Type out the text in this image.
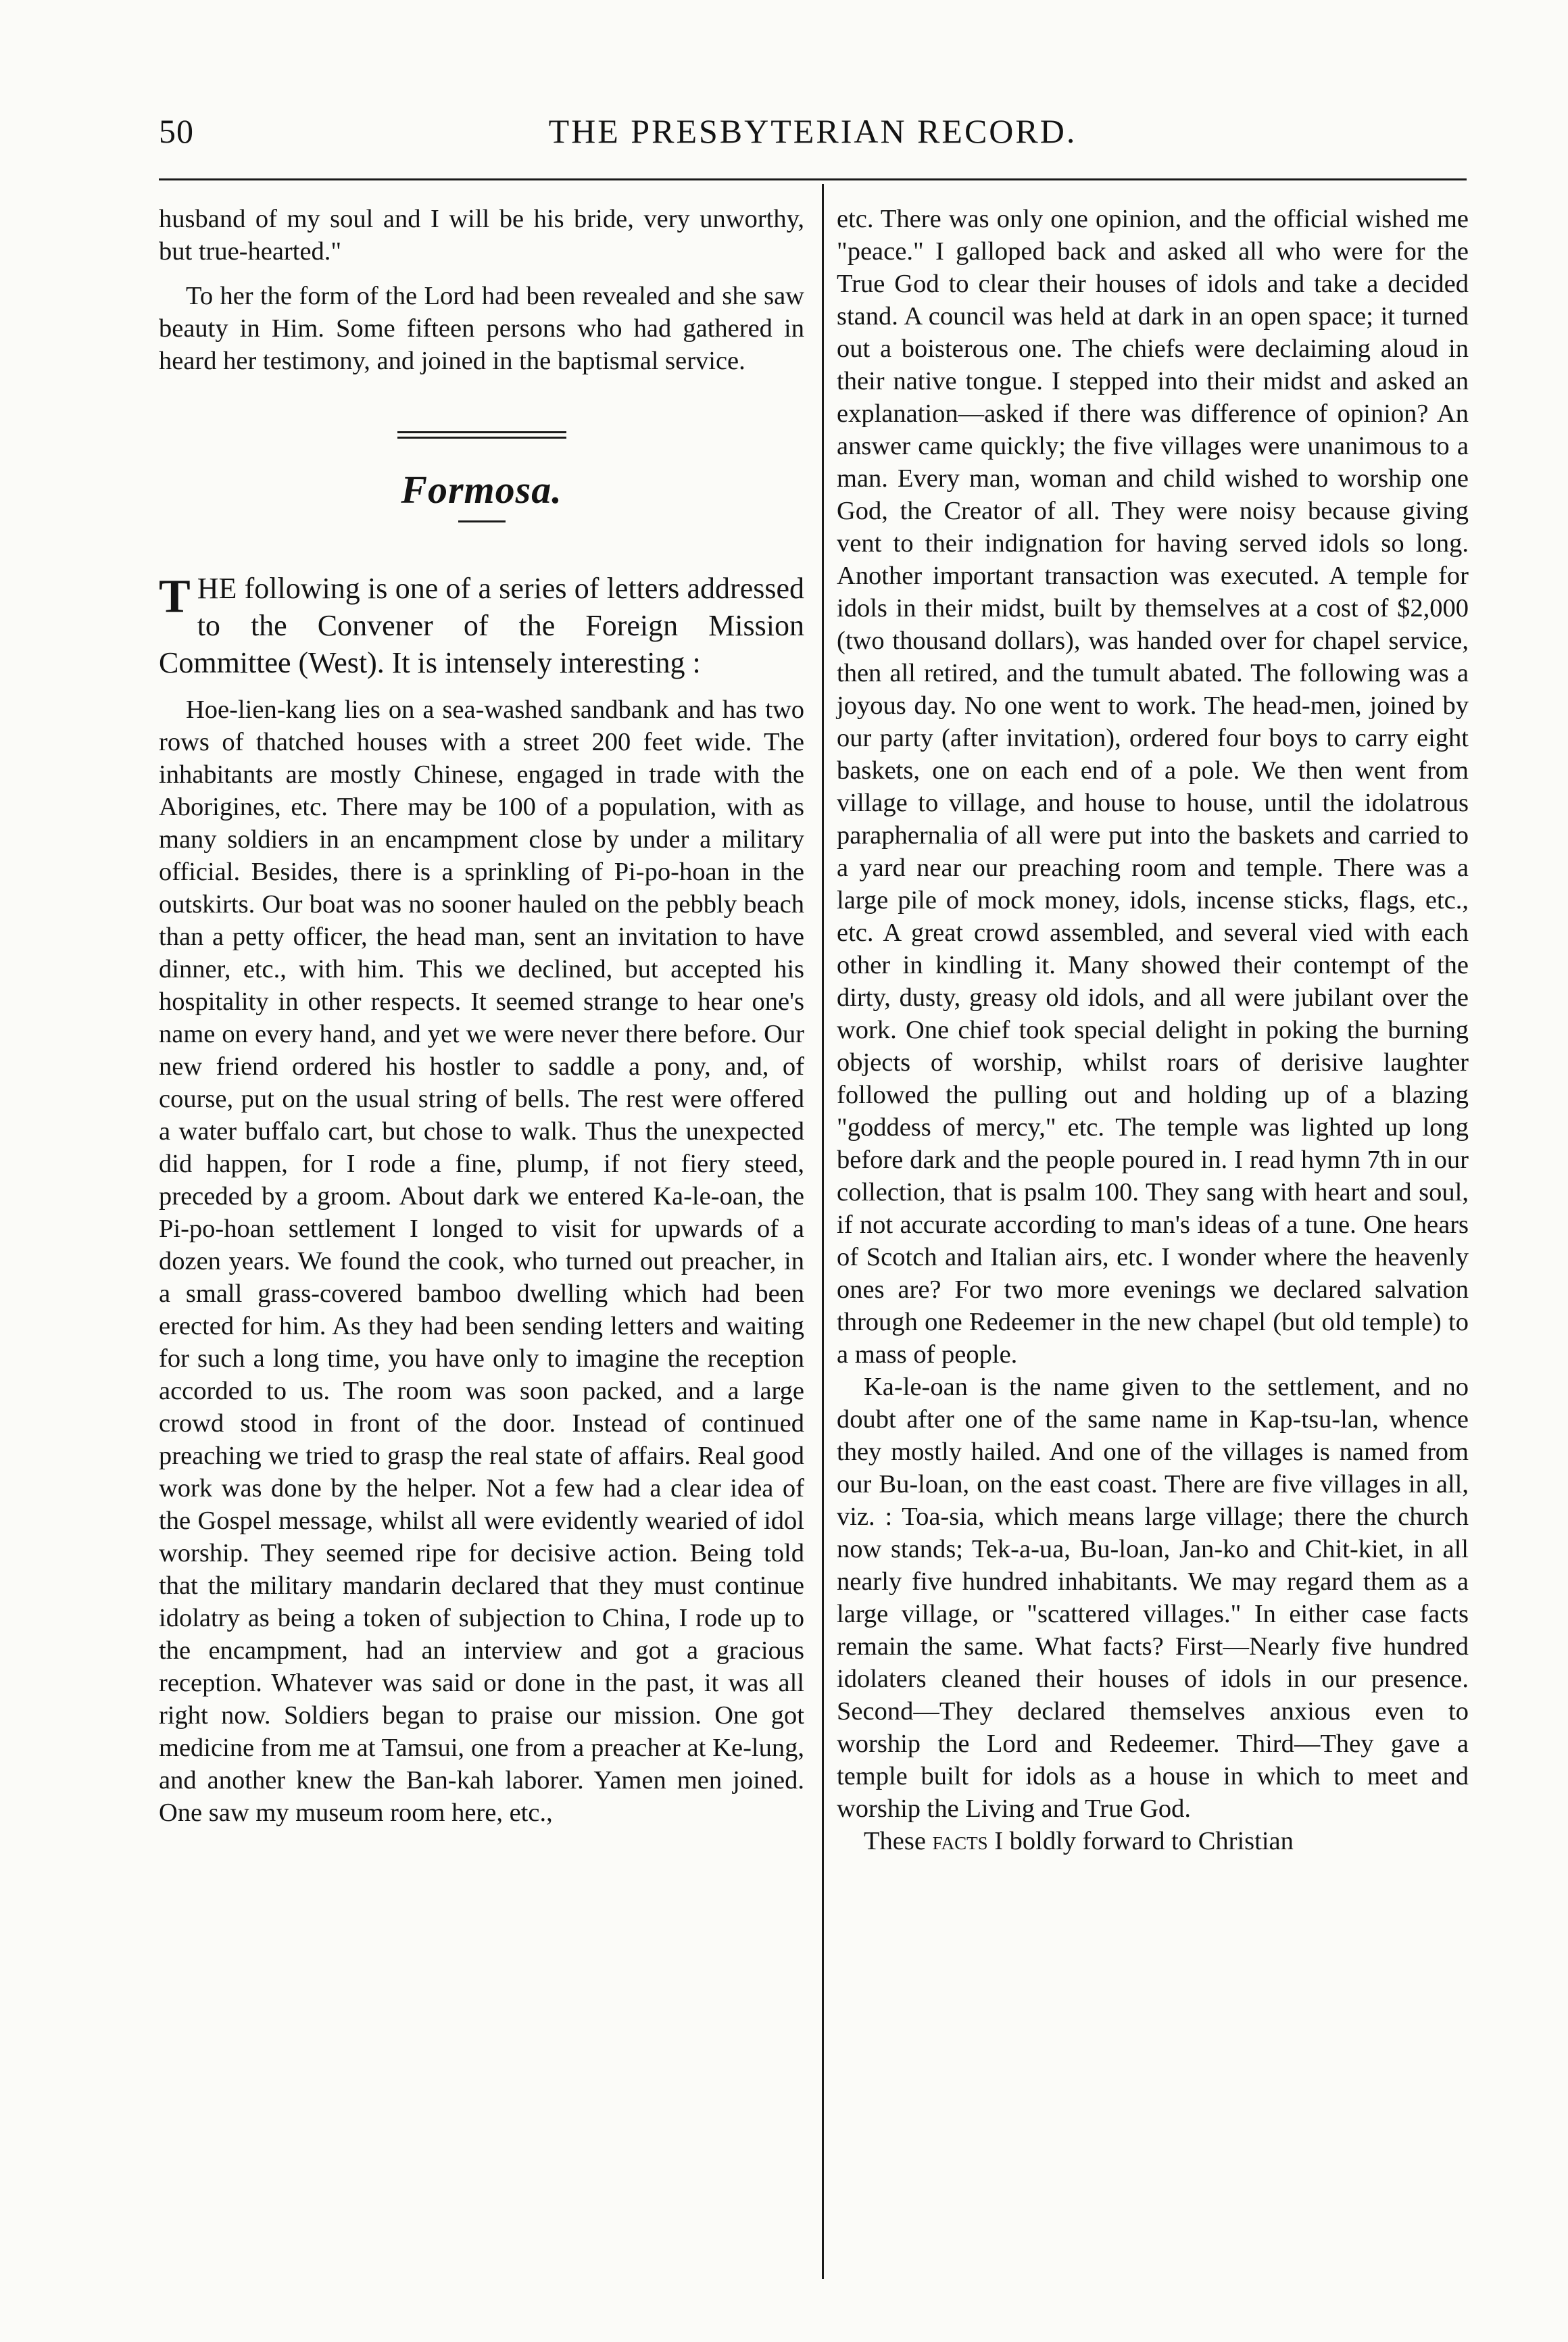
50	THE PRESBYTERIAN RECORD.

husband of my soul and I will be his bride, very unworthy, but true-hearted."

To her the form of the Lord had been revealed and she saw beauty in Him. Some fifteen persons who had gathered in heard her testimony, and joined in the baptismal service.

Formosa.

THE following is one of a series of letters addressed to the Convener of the Foreign Mission Committee (West). It is intensely interesting :

Hoe-lien-kang lies on a sea-washed sandbank and has two rows of thatched houses with a street 200 feet wide. The inhabitants are mostly Chinese, engaged in trade with the Aborigines, etc. There may be 100 of a population, with as many soldiers in an encampment close by under a military official. Besides, there is a sprinkling of Pi-po-hoan in the outskirts. Our boat was no sooner hauled on the pebbly beach than a petty officer, the head man, sent an invitation to have dinner, etc., with him. This we declined, but accepted his hospitality in other respects. It seemed strange to hear one's name on every hand, and yet we were never there before. Our new friend ordered his hostler to saddle a pony, and, of course, put on the usual string of bells. The rest were offered a water buffalo cart, but chose to walk. Thus the unexpected did happen, for I rode a fine, plump, if not fiery steed, preceded by a groom. About dark we entered Ka-le-oan, the Pi-po-hoan settlement I longed to visit for upwards of a dozen years. We found the cook, who turned out preacher, in a small grass-covered bamboo dwelling which had been erected for him. As they had been sending letters and waiting for such a long time, you have only to imagine the reception accorded to us. The room was soon packed, and a large crowd stood in front of the door. Instead of continued preaching we tried to grasp the real state of affairs. Real good work was done by the helper. Not a few had a clear idea of the Gospel message, whilst all were evidently wearied of idol worship. They seemed ripe for decisive action. Being told that the military mandarin declared that they must continue idolatry as being a token of subjection to China, I rode up to the encampment, had an interview and got a gracious reception. Whatever was said or done in the past, it was all right now. Soldiers began to praise our mission. One got medicine from me at Tamsui, one from a preacher at Ke-lung, and another knew the Ban-kah laborer. Yamen men joined. One saw my museum room here, etc.,

etc. There was only one opinion, and the official wished me "peace." I galloped back and asked all who were for the True God to clear their houses of idols and take a decided stand. A council was held at dark in an open space; it turned out a boisterous one. The chiefs were declaiming aloud in their native tongue. I stepped into their midst and asked an explanation—asked if there was difference of opinion? An answer came quickly; the five villages were unanimous to a man. Every man, woman and child wished to worship one God, the Creator of all. They were noisy because giving vent to their indignation for having served idols so long. Another important transaction was executed. A temple for idols in their midst, built by themselves at a cost of $2,000 (two thousand dollars), was handed over for chapel service, then all retired, and the tumult abated. The following was a joyous day. No one went to work. The head-men, joined by our party (after invitation), ordered four boys to carry eight baskets, one on each end of a pole. We then went from village to village, and house to house, until the idolatrous paraphernalia of all were put into the baskets and carried to a yard near our preaching room and temple. There was a large pile of mock money, idols, incense sticks, flags, etc., etc. A great crowd assembled, and several vied with each other in kindling it. Many showed their contempt of the dirty, dusty, greasy old idols, and all were jubilant over the work. One chief took special delight in poking the burning objects of worship, whilst roars of derisive laughter followed the pulling out and holding up of a blazing "goddess of mercy," etc. The temple was lighted up long before dark and the people poured in. I read hymn 7th in our collection, that is psalm 100. They sang with heart and soul, if not accurate according to man's ideas of a tune. One hears of Scotch and Italian airs, etc. I wonder where the heavenly ones are? For two more evenings we declared salvation through one Redeemer in the new chapel (but old temple) to a mass of people.

Ka-le-oan is the name given to the settlement, and no doubt after one of the same name in Kap-tsu-lan, whence they mostly hailed. And one of the villages is named from our Bu-loan, on the east coast. There are five villages in all, viz. : Toa-sia, which means large village; there the church now stands; Tek-a-ua, Bu-loan, Jan-ko and Chit-kiet, in all nearly five hundred inhabitants. We may regard them as a large village, or "scattered villages." In either case facts remain the same. What facts? First—Nearly five hundred idolaters cleaned their houses of idols in our presence. Second—They declared themselves anxious even to worship the Lord and Redeemer. Third—They gave a temple built for idols as a house in which to meet and worship the Living and True God.

These facts I boldly forward to Christian
